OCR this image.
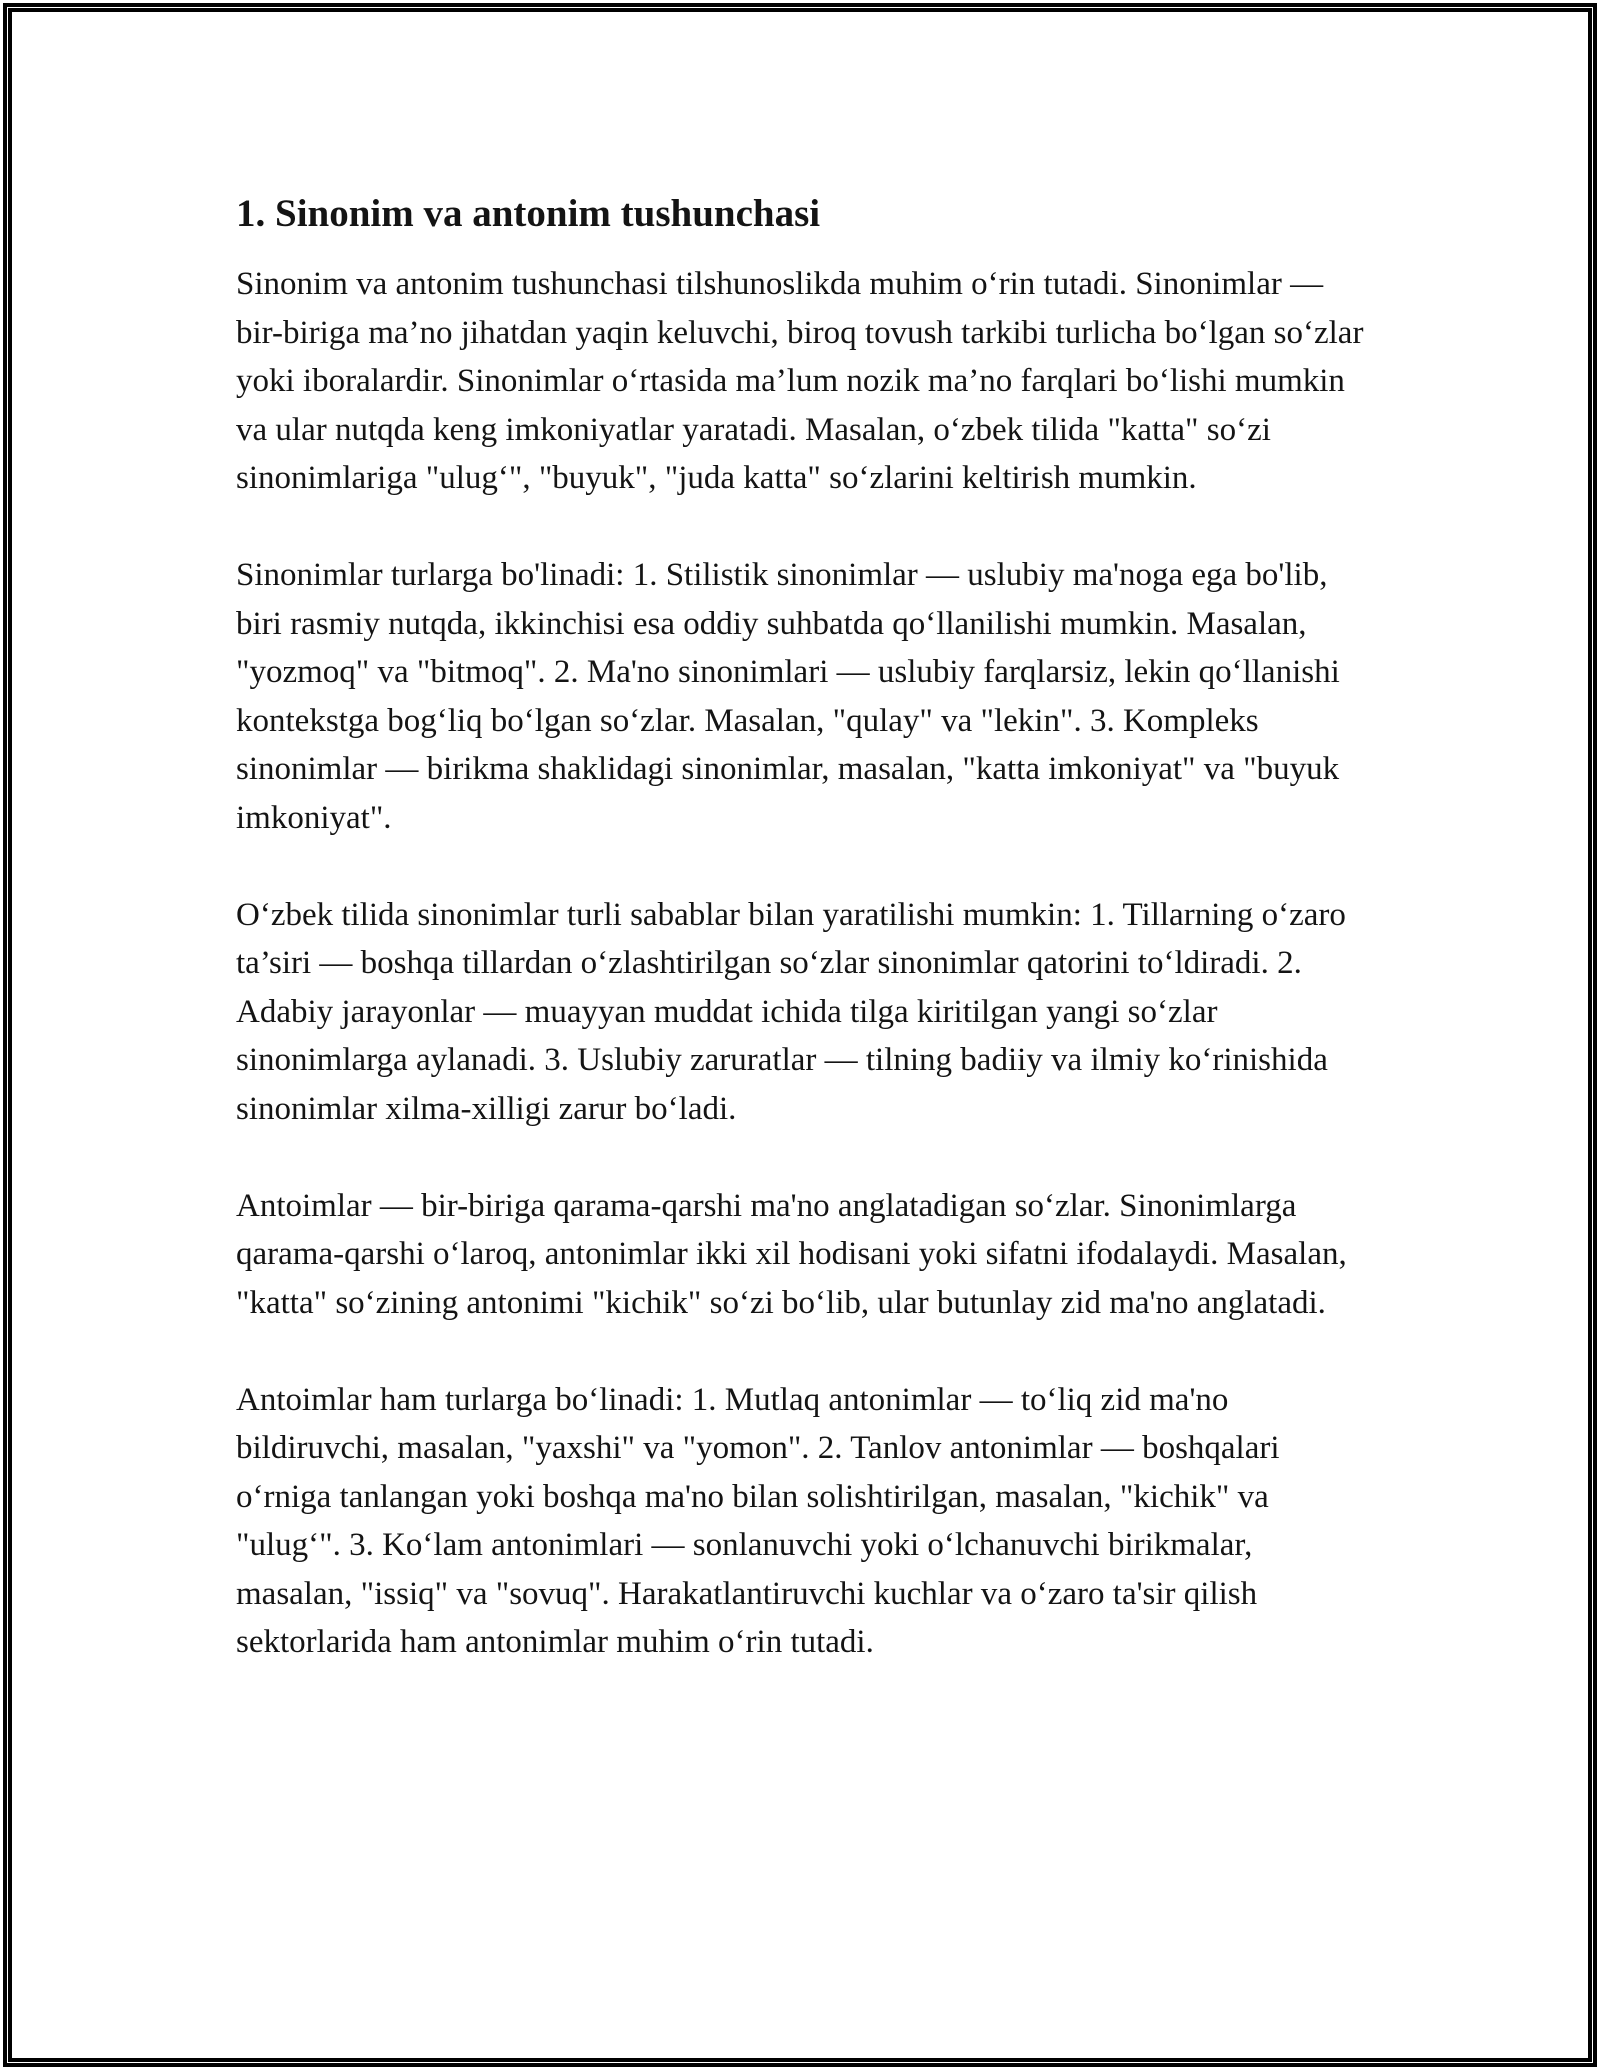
1. Sinonim va antonim tushunchasi

Sinonim va antonim tushunchasi tilshunoslikda muhim o‘rin tutadi. Sinonimlar — bir-biriga ma’no jihatdan yaqin keluvchi, biroq tovush tarkibi turlicha bo‘lgan so‘zlar yoki iboralardir. Sinonimlar o‘rtasida ma’lum nozik ma’no farqlari bo‘lishi mumkin va ular nutqda keng imkoniyatlar yaratadi. Masalan, o‘zbek tilida "katta" so‘zi sinonimlariga "ulug‘", "buyuk", "juda katta" so‘zlarini keltirish mumkin.

Sinonimlar turlarga bo'linadi: 1. Stilistik sinonimlar — uslubiy ma'noga ega bo'lib, biri rasmiy nutqda, ikkinchisi esa oddiy suhbatda qo‘llanilishi mumkin. Masalan, "yozmoq" va "bitmoq". 2. Ma'no sinonimlari — uslubiy farqlarsiz, lekin qo‘llanishi kontekstga bog‘liq bo‘lgan so‘zlar. Masalan, "qulay" va "lekin". 3. Kompleks sinonimlar — birikma shaklidagi sinonimlar, masalan, "katta imkoniyat" va "buyuk imkoniyat".

O‘zbek tilida sinonimlar turli sabablar bilan yaratilishi mumkin: 1. Tillarning o‘zaro ta’siri — boshqa tillardan o‘zlashtirilgan so‘zlar sinonimlar qatorini to‘ldiradi. 2. Adabiy jarayonlar — muayyan muddat ichida tilga kiritilgan yangi so‘zlar sinonimlarga aylanadi. 3. Uslubiy zaruratlar — tilning badiiy va ilmiy ko‘rinishida sinonimlar xilma-xilligi zarur bo‘ladi.

Antoimlar — bir-biriga qarama-qarshi ma'no anglatadigan so‘zlar. Sinonimlarga qarama-qarshi o‘laroq, antonimlar ikki xil hodisani yoki sifatni ifodalaydi. Masalan, "katta" so‘zining antonimi "kichik" so‘zi bo‘lib, ular butunlay zid ma'no anglatadi.

Antoimlar ham turlarga bo‘linadi: 1. Mutlaq antonimlar — to‘liq zid ma'no bildiruvchi, masalan, "yaxshi" va "yomon". 2. Tanlov antonimlar — boshqalari o‘rniga tanlangan yoki boshqa ma'no bilan solishtirilgan, masalan, "kichik" va "ulug‘". 3. Ko‘lam antonimlari — sonlanuvchi yoki o‘lchanuvchi birikmalar, masalan, "issiq" va "sovuq". Harakatlantiruvchi kuchlar va o‘zaro ta'sir qilish sektorlarida ham antonimlar muhim o‘rin tutadi.
